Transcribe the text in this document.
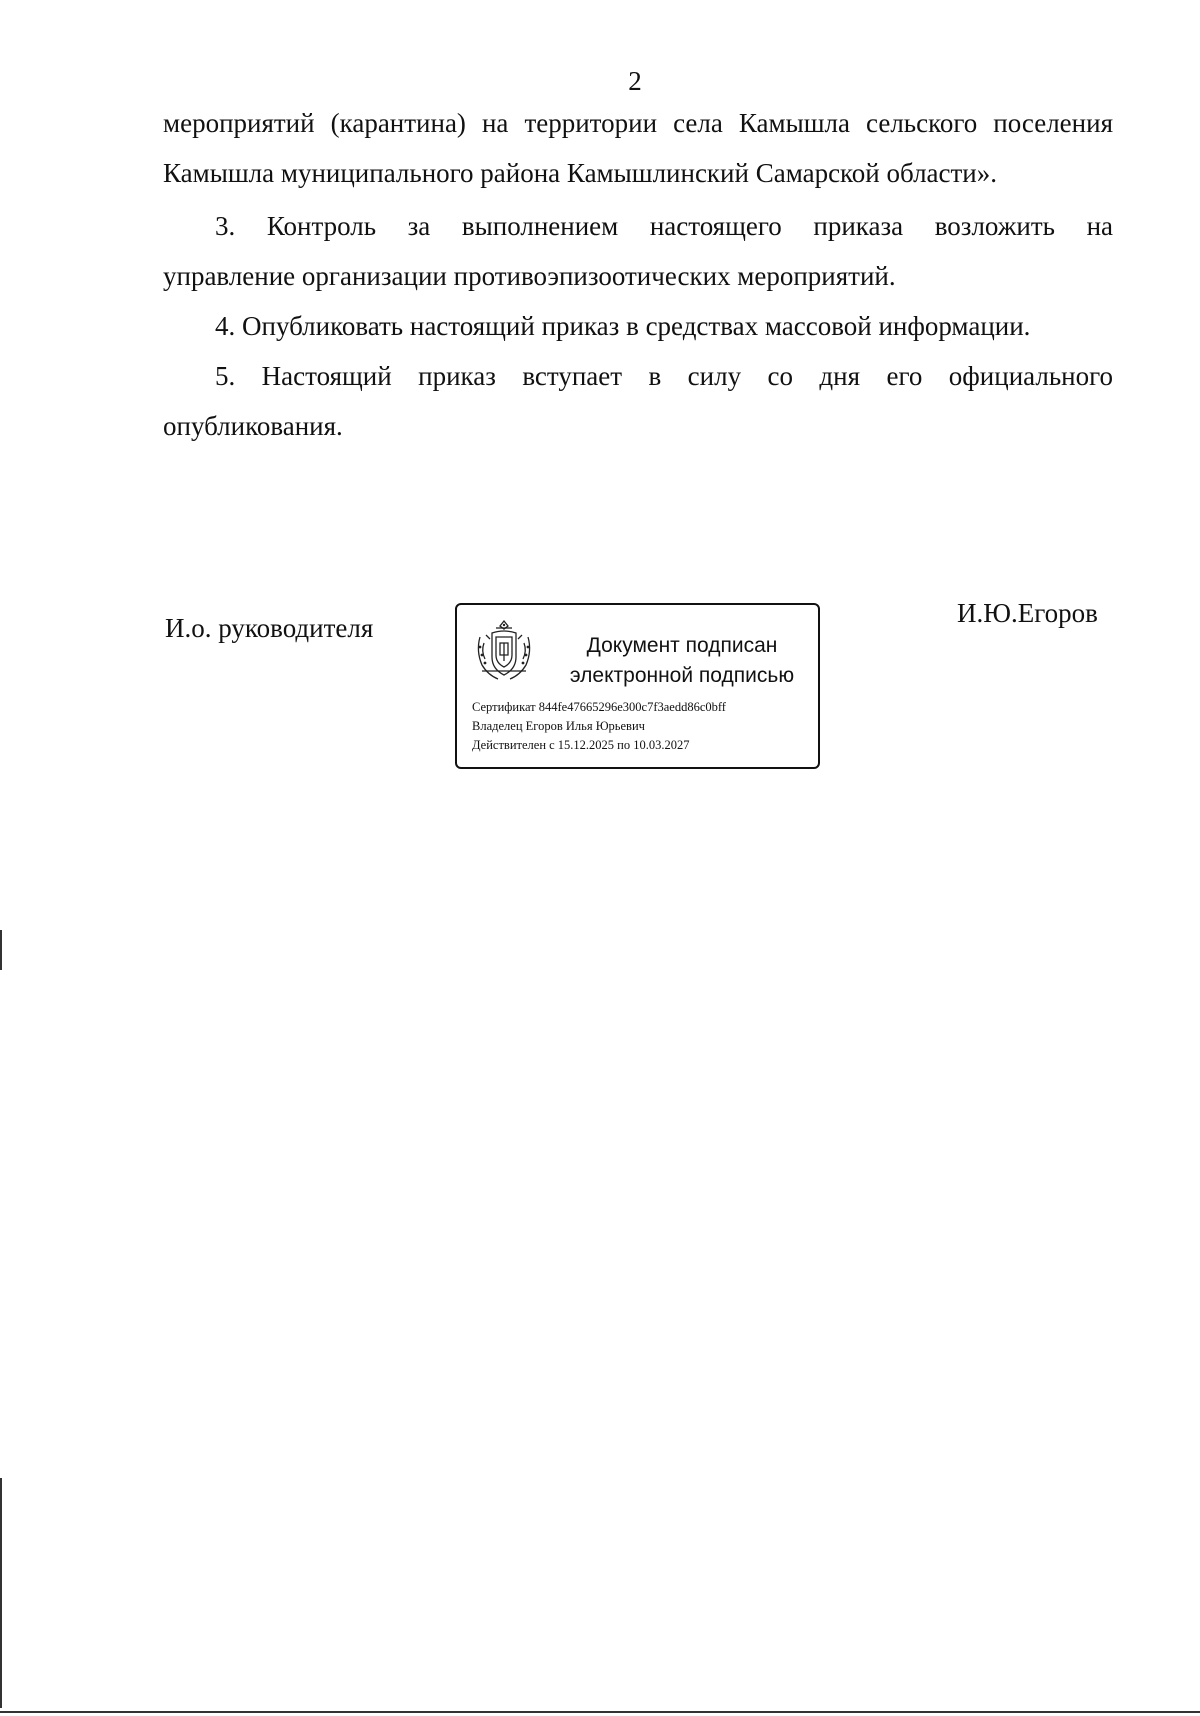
2
мероприятий (карантина) на территории села Камышла сельского поселения
Камышла муниципального района Камышлинский Самарской области».
3. Контроль за выполнением настоящего приказа возложить на
управление организации противоэпизоотических мероприятий.
4. Опубликовать настоящий приказ в средствах массовой информации.
5. Настоящий приказ вступает в силу со дня его официального
опубликования.
И.о. руководителя
Документ подписан
электронной подписью
Сертификат 844fe47665296e300c7f3aedd86c0bff
Владелец Егоров Илья Юрьевич
Действителен с 15.12.2025 по 10.03.2027
И.Ю.Егоров
